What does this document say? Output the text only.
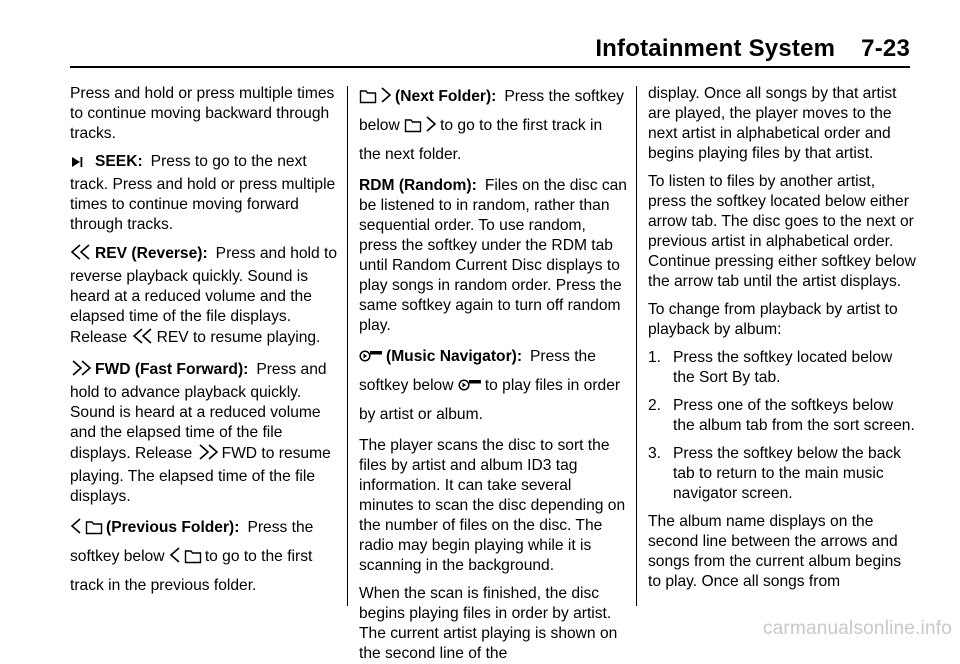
Infotainment System 7-23

Press and hold or press multiple times to continue moving backward through tracks.

SEEK: Press to go to the next track. Press and hold or press multiple times to continue moving forward through tracks.

REV (Reverse): Press and hold to reverse playback quickly. Sound is heard at a reduced volume and the elapsed time of the file displays. Release REV to resume playing.

FWD (Fast Forward): Press and hold to advance playback quickly. Sound is heard at a reduced volume and the elapsed time of the file displays. Release FWD to resume playing. The elapsed time of the file displays.

(Previous Folder): Press the softkey below	to go to the first track in the previous folder.

(Next Folder): Press the softkey below	to go to the first track in the next folder.

RDM (Random): Files on the disc can be listened to in random, rather than sequential order. To use random, press the softkey under the RDM tab until Random Current Disc displays to play songs in random order. Press the same softkey again to turn off random play.

(Music Navigator): Press the softkey below to play files in order by artist or album.

The player scans the disc to sort the files by artist and album ID3 tag information. It can take several minutes to scan the disc depending on the number of files on the disc. The radio may begin playing while it is scanning in the background.

When the scan is finished, the disc begins playing files in order by artist. The current artist playing is shown on the second line of the

display. Once all songs by that artist are played, the player moves to the next artist in alphabetical order and begins playing files by that artist.

To listen to files by another artist, press the softkey located below either arrow tab. The disc goes to the next or previous artist in alphabetical order. Continue pressing either softkey below the arrow tab until the artist displays.

To change from playback by artist to playback by album:

1. Press the softkey located below the Sort By tab.
2. Press one of the softkeys below the album tab from the sort screen.
3. Press the softkey below the back tab to return to the main music navigator screen.

The album name displays on the second line between the arrows and songs from the current album begins to play. Once all songs from

carmanualsonline.info
